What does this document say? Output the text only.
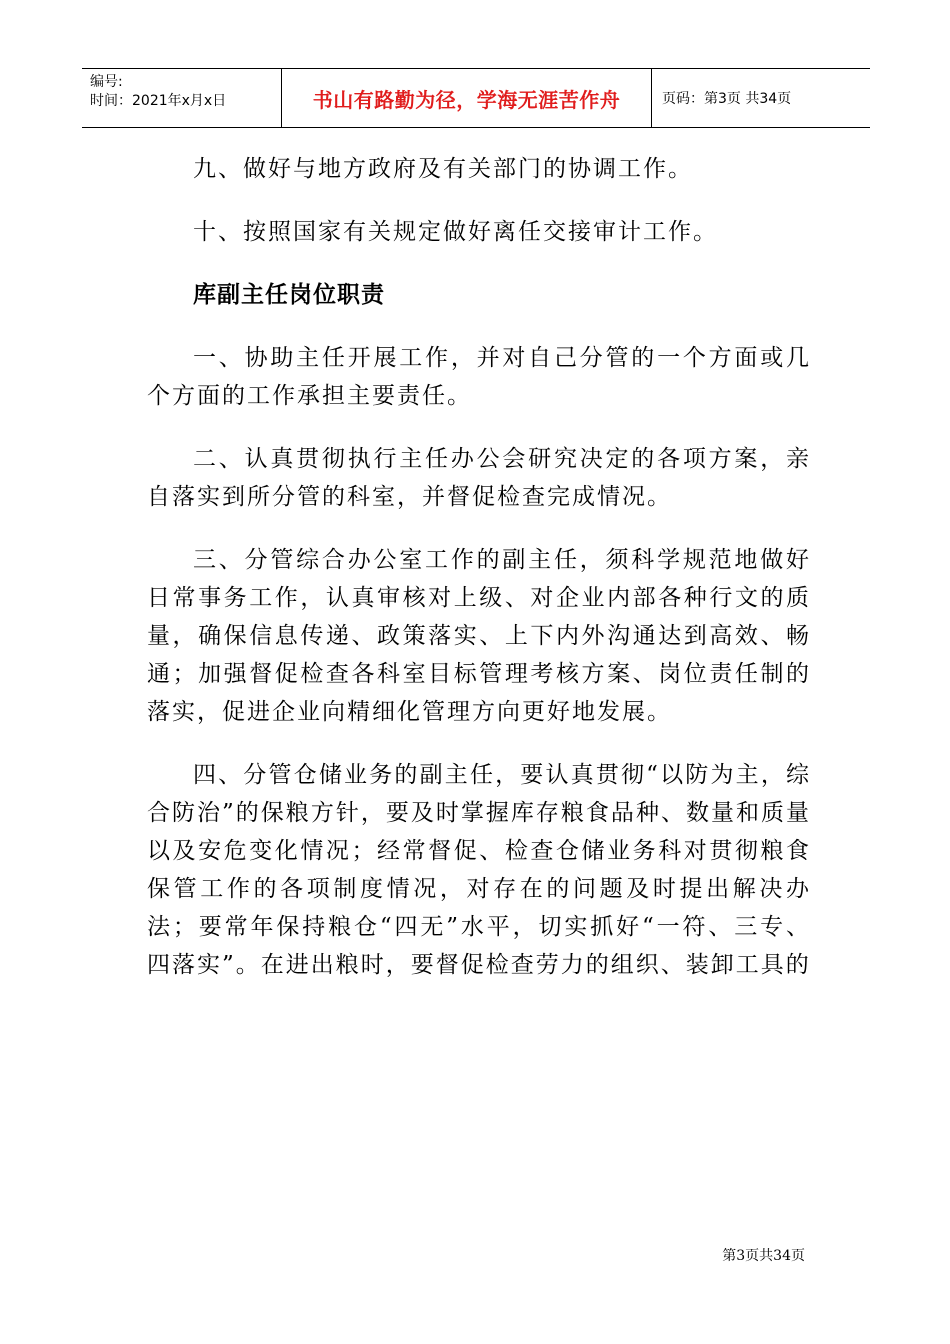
编号:
时间：2021年x月x日	书山有路勤为径，学海无涯苦作舟	页码：第3页 共34页

九、做好与地方政府及有关部门的协调工作。

十、按照国家有关规定做好离任交接审计工作。

库副主任岗位职责

一、协助主任开展工作，并对自己分管的一个方面或几个方面的工作承担主要责任。

二、认真贯彻执行主任办公会研究决定的各项方案，亲自落实到所分管的科室，并督促检查完成情况。

三、分管综合办公室工作的副主任，须科学规范地做好日常事务工作，认真审核对上级、对企业内部各种行文的质量，确保信息传递、政策落实、上下内外沟通达到高效、畅通；加强督促检查各科室目标管理考核方案、岗位责任制的落实，促进企业向精细化管理方向更好地发展。

四、分管仓储业务的副主任，要认真贯彻“以防为主，综合防治”的保粮方针，要及时掌握库存粮食品种、数量和质量以及安危变化情况；经常督促、检查仓储业务科对贯彻粮食保管工作的各项制度情况，对存在的问题及时提出解决办法；要常年保持粮仓“四无”水平，切实抓好“一符、三专、四落实”。在进出粮时，要督促检查劳力的组织、装卸工具的

第3页共34页
